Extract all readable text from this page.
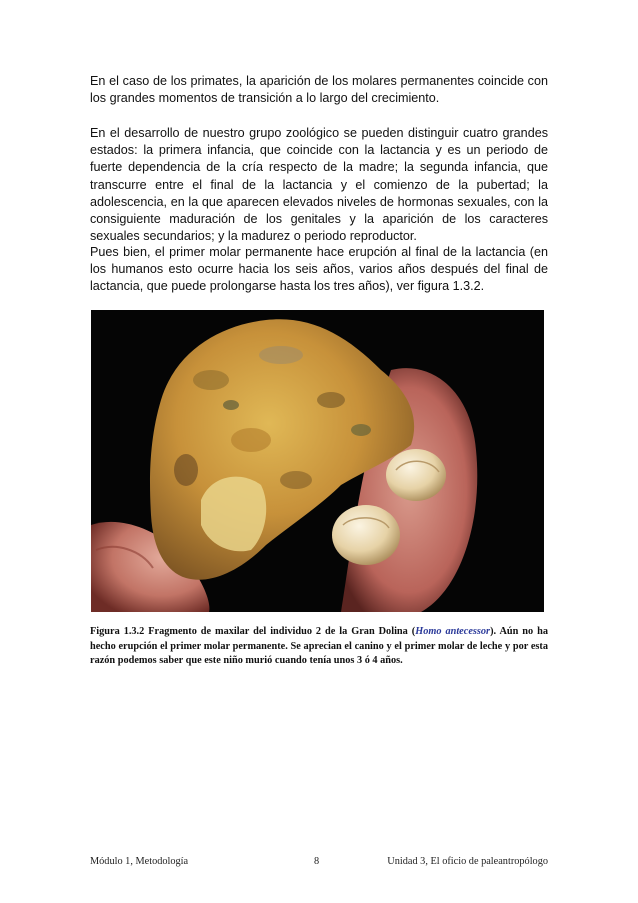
En el caso de los primates, la aparición de los molares permanentes coincide con los grandes momentos de transición a lo largo del crecimiento.

En el desarrollo de nuestro grupo zoológico se pueden distinguir cuatro grandes estados: la primera infancia, que coincide con la lactancia y es un periodo de fuerte dependencia de la cría respecto de la madre; la segunda infancia, que transcurre entre el final de la lactancia y el comienzo de la pubertad; la adolescencia, en la que aparecen elevados niveles de hormonas sexuales, con la consiguiente maduración de los genitales y la aparición de los caracteres sexuales secundarios; y la madurez o periodo reproductor.

Pues bien, el primer molar permanente hace erupción al final de la lactancia (en los humanos esto ocurre hacia los seis años, varios años después del final de lactancia, que puede prolongarse hasta los tres años), ver figura 1.3.2.

Figura 1.3.2 Fragmento de maxilar del individuo 2 de la Gran Dolina (Homo antecessor). Aún no ha hecho erupción el primer molar permanente. Se aprecian el canino y el primer molar de leche y por esta razón podemos saber que este niño murió cuando tenía unos 3 ó 4 años.

Módulo 1, Metodología	8	Unidad 3, El oficio de paleantropólogo
